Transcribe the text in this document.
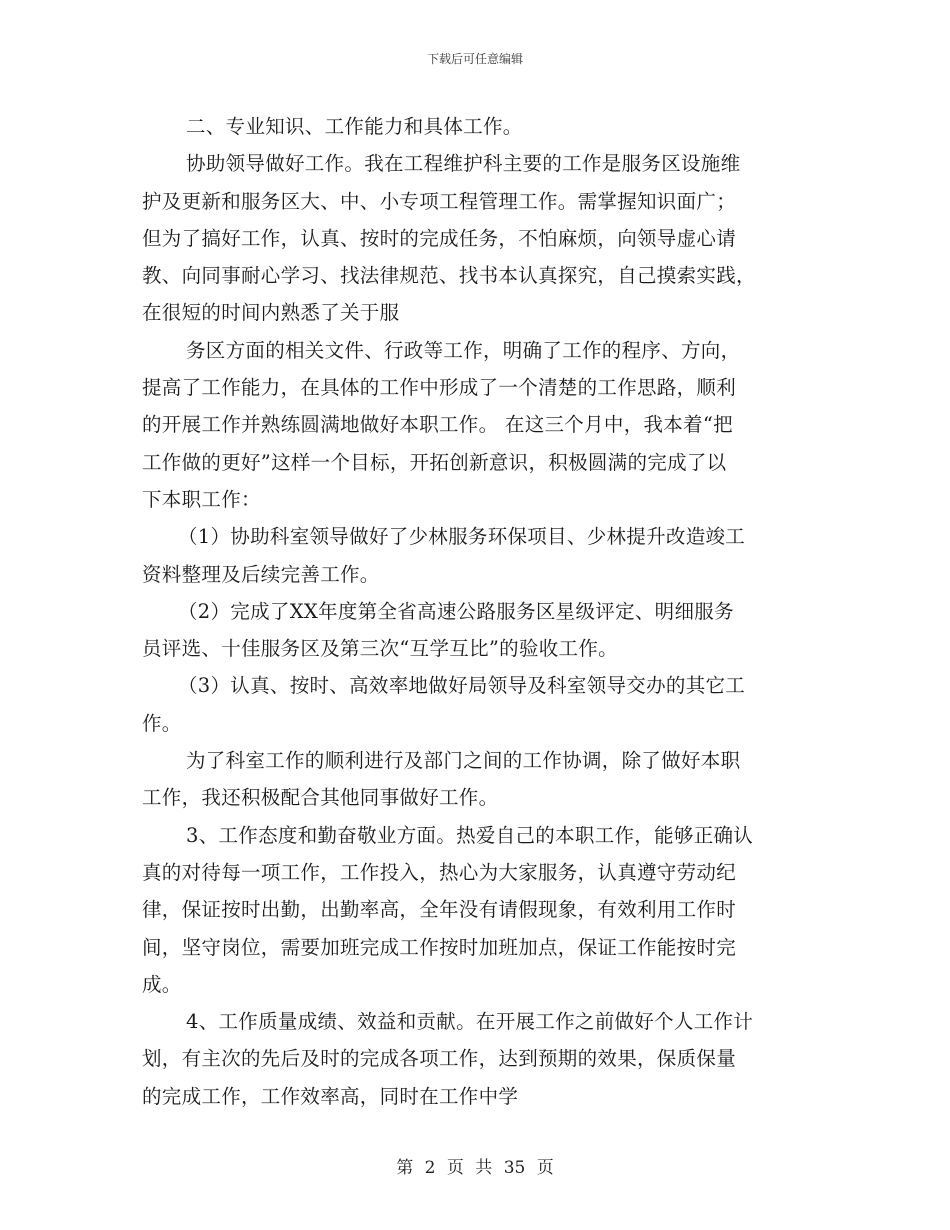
下载后可任意编辑
二、专业知识、工作能力和具体工作。
协助领导做好工作。我在工程维护科主要的工作是服务区设施维
护及更新和服务区大、中、小专项工程管理工作。需掌握知识面广；
但为了搞好工作，认真、按时的完成任务，不怕麻烦，向领导虚心请
教、向同事耐心学习、找法律规范、找书本认真探究，自己摸索实践，
在很短的时间内熟悉了关于服
务区方面的相关文件、行政等工作，明确了工作的程序、方向，
提高了工作能力，在具体的工作中形成了一个清楚的工作思路，顺利
的开展工作并熟练圆满地做好本职工作。 在这三个月中，我本着“把
工作做的更好”这样一个目标，开拓创新意识，积极圆满的完成了以
下本职工作：
（1）协助科室领导做好了少林服务环保项目、少林提升改造竣工
资料整理及后续完善工作。
（2）完成了XX年度第全省高速公路服务区星级评定、明细服务
员评选、十佳服务区及第三次“互学互比”的验收工作。
（3）认真、按时、高效率地做好局领导及科室领导交办的其它工
作。
为了科室工作的顺利进行及部门之间的工作协调，除了做好本职
工作，我还积极配合其他同事做好工作。
3、工作态度和勤奋敬业方面。热爱自己的本职工作，能够正确认
真的对待每一项工作，工作投入，热心为大家服务，认真遵守劳动纪
律，保证按时出勤，出勤率高，全年没有请假现象，有效利用工作时
间，坚守岗位，需要加班完成工作按时加班加点，保证工作能按时完
成。
4、工作质量成绩、效益和贡献。在开展工作之前做好个人工作计
划，有主次的先后及时的完成各项工作，达到预期的效果，保质保量
的完成工作，工作效率高，同时在工作中学
第 2 页 共 35 页
